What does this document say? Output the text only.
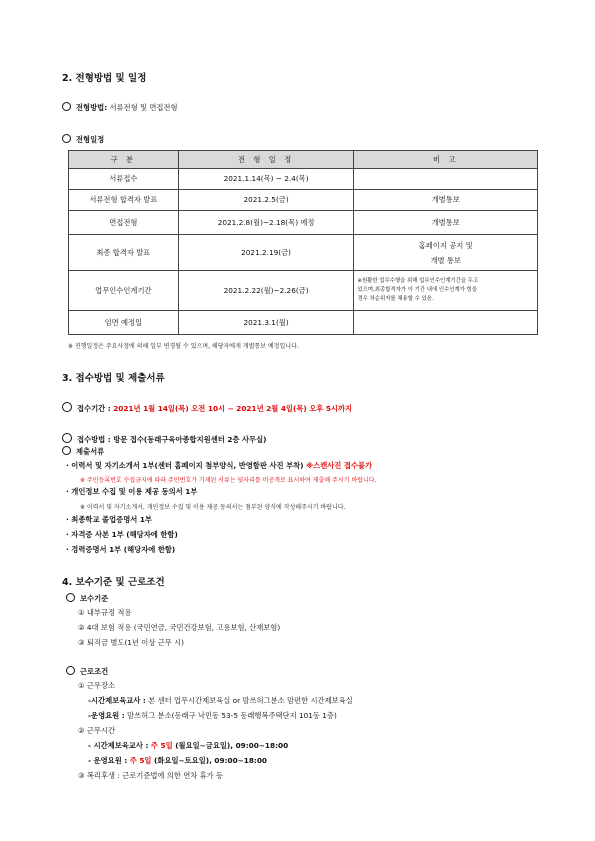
2. 전형방법 및 일정
전형방법: 서류전형 및 면접전형
전형일정
구 분	전 형 일 정	비 고
서류접수	2021.1.14(목) ~ 2.4(목)	
서류전형 합격자 발표	2021.2.5(금)	개별통보
면접전형	2021.2.8(월)~2.18(목) 예정	개별통보
최종 합격자 발표	2021.2.19(금)	홈페이지 공지 및
개별 통보
업무인수인계기간	2021.2.22(월)~2.26(금)	※원활한 업무수행을 위해 업무인수인계기간을 두고
있으며,최종합격자가 이 기간 내에 인수인계가 힘들
경우 차순위자를 채용할 수 있음.
임면 예정일	2021.3.1(월)	
※ 진행일정은 주요사정에 의해 일부 변경될 수 있으며, 해당자에게 개별통보 예정입니다.
3. 접수방법 및 제출서류
접수기간 : 2021년 1월 14일(목) 오전 10시 ~ 2021년 2월 4일(목) 오후 5시까지
접수방법 : 방문 접수(동래구육아종합지원센터 2층 사무실)
제출서류
· 이력서 및 자기소개서 1부(센터 홈페이지 첨부양식, 반영함판 사진 부착) ※스캔사진 접수불가
※ 주민등록번호 수집금지에 따라 주민번호가 기재된 서류는 뒷자리를 비공개로 표시하여 제출해 주시기 바랍니다.
· 개인정보 수집 및 이용 제공 동의서 1부
※ 이력서 및 자기소개서, 개인정보 수집 및 이용 제공 동의서는 첨부된 양식에 작성해주시기 바랍니다.
· 최종학교 졸업증명서 1부
· 자격증 사본 1부 (해당자에 한함)
· 경력증명서 1부 (해당자에 한함)
4. 보수기준 및 근로조건
보수기준
① 내부규정 적용
② 4대 보험 적용 (국민연금, 국민건강보험, 고용보험, 산재보험)
③ 퇴직금 별도(1년 이상 근무 시)
근로조건
① 근무장소
-시간제보육교사 : 본 센터 업무시간제보육실 or 맘쓰허그분소 맘편한 시간제보육실
-운영요원 : 맘쓰허그 분소(동래구 낙민동 53-5 동래행복주택단지 101동 1층)
② 근무시간
- 시간제보육교사 : 주 5일 (월요일~금요일), 09:00~18:00
- 운영요원 : 주 5일 (화요일~토요일), 09:00~18:00
③ 복리후생 : 근로기준법에 의한 연차 휴가 등
